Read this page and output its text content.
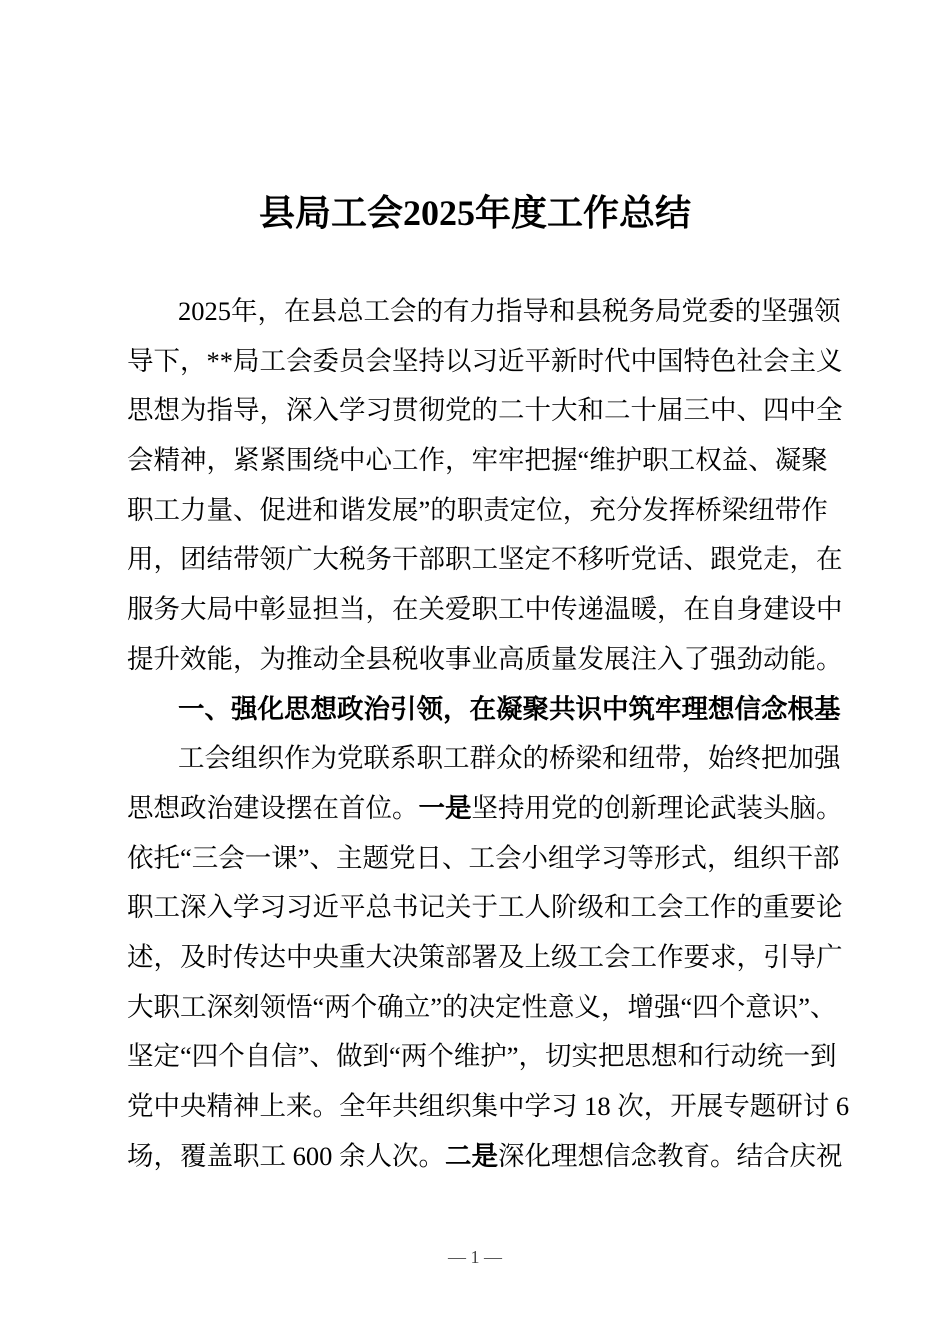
县局工会2025年度工作总结
2025年，在县总工会的有力指导和县税务局党委的坚强领
导下，**局工会委员会坚持以习近平新时代中国特色社会主义
思想为指导，深入学习贯彻党的二十大和二十届三中、四中全
会精神，紧紧围绕中心工作，牢牢把握“维护职工权益、凝聚
职工力量、促进和谐发展”的职责定位，充分发挥桥梁纽带作
用，团结带领广大税务干部职工坚定不移听党话、跟党走，在
服务大局中彰显担当，在关爱职工中传递温暖，在自身建设中
提升效能，为推动全县税收事业高质量发展注入了强劲动能。
一、强化思想政治引领，在凝聚共识中筑牢理想信念根基
工会组织作为党联系职工群众的桥梁和纽带，始终把加强
思想政治建设摆在首位。一是坚持用党的创新理论武装头脑。
依托“三会一课”、主题党日、工会小组学习等形式，组织干部
职工深入学习习近平总书记关于工人阶级和工会工作的重要论
述，及时传达中央重大决策部署及上级工会工作要求，引导广
大职工深刻领悟“两个确立”的决定性意义，增强“四个意识”、
坚定“四个自信”、做到“两个维护”，切实把思想和行动统一到
党中央精神上来。全年共组织集中学习 18 次，开展专题研讨 6
场，覆盖职工 600 余人次。二是深化理想信念教育。结合庆祝
— 1 —
